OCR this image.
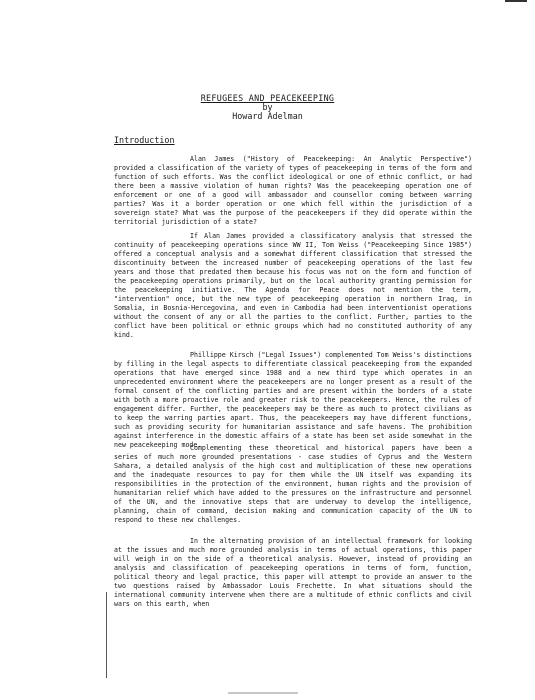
REFUGEES AND PEACEKEEPING
by
Howard Adelman
Introduction

Alan James ("History of Peacekeeping: An Analytic Perspective") provided a classification of the variety of types of peacekeeping in terms of the form and function of such efforts. Was the conflict ideological or one of ethnic conflict, or had there been a massive violation of human rights? Was the peacekeeping operation one of enforcement or one of a good will ambassador and counsellor coming between warring parties? Was it a border operation or one which fell within the jurisdiction of a sovereign state? What was the purpose of the peacekeepers if they did operate within the territorial jurisdiction of a state?

If Alan James provided a classificatory analysis that stressed the continuity of peacekeeping operations since WW II, Tom Weiss ("Peacekeeping Since 1985") offered a conceptual analysis and a somewhat different classification that stressed the discontinuity between the increased number of peacekeeping operations of the last few years and those that predated them because his focus was not on the form and function of the peacekeeping operations primarily, but on the local authority granting permission for the peacekeeping initiative. The Agenda for Peace does not mention the term, "intervention" once, but the new type of peacekeeping operation in northern Iraq, in Somalia, in Bosnia-Hercegovina, and even in Cambodia had been interventionist operations without the consent of any or all the parties to the conflict. Further, parties to the conflict have been political or ethnic groups which had no constituted authority of any kind.

Phillippe Kirsch ("Legal Issues") complemented Tom Weiss's distinctions by filling in the legal aspects to differentiate classical peacekeeping from the expanded operations that have emerged since 1988 and a new third type which operates in an unprecedented environment where the peacekeepers are no longer present as a result of the formal consent of the conflicting parties and are present within the borders of a state with both a more proactive role and greater risk to the peacekeepers. Hence, the rules of engagement differ. Further, the peacekeepers may be there as much to protect civilians as to keep the warring parties apart. Thus, the peacekeepers may have different functions, such as providing security for humanitarian assistance and safe havens. The prohibition against interference in the domestic affairs of a state has been set aside somewhat in the new peacekeeping mode.

Complementing these theoretical and historical papers have been a series of much more grounded presentations - case studies of Cyprus and the Western Sahara, a detailed analysis of the high cost and multiplication of these new operations and the inadequate resources to pay for them while the UN itself was expanding its responsibilities in the protection of the environment, human rights and the provision of humanitarian relief which have added to the pressures on the infrastructure and personnel of the UN, and the innovative steps that are underway to develop the intelligence, planning, chain of command, decision making and communication capacity of the UN to respond to these new challenges.

In the alternating provision of an intellectual framework for looking at the issues and much more grounded analysis in terms of actual operations, this paper will weigh in on the side of a theoretical analysis. However, instead of providing an analysis and classification of peacekeeping operations in terms of form, function, political theory and legal practice, this paper will attempt to provide an answer to the two questions raised by Ambassador Louis Frechette. In what situations should the international community intervene when there are a multitude of ethnic conflicts and civil wars on this earth, when
